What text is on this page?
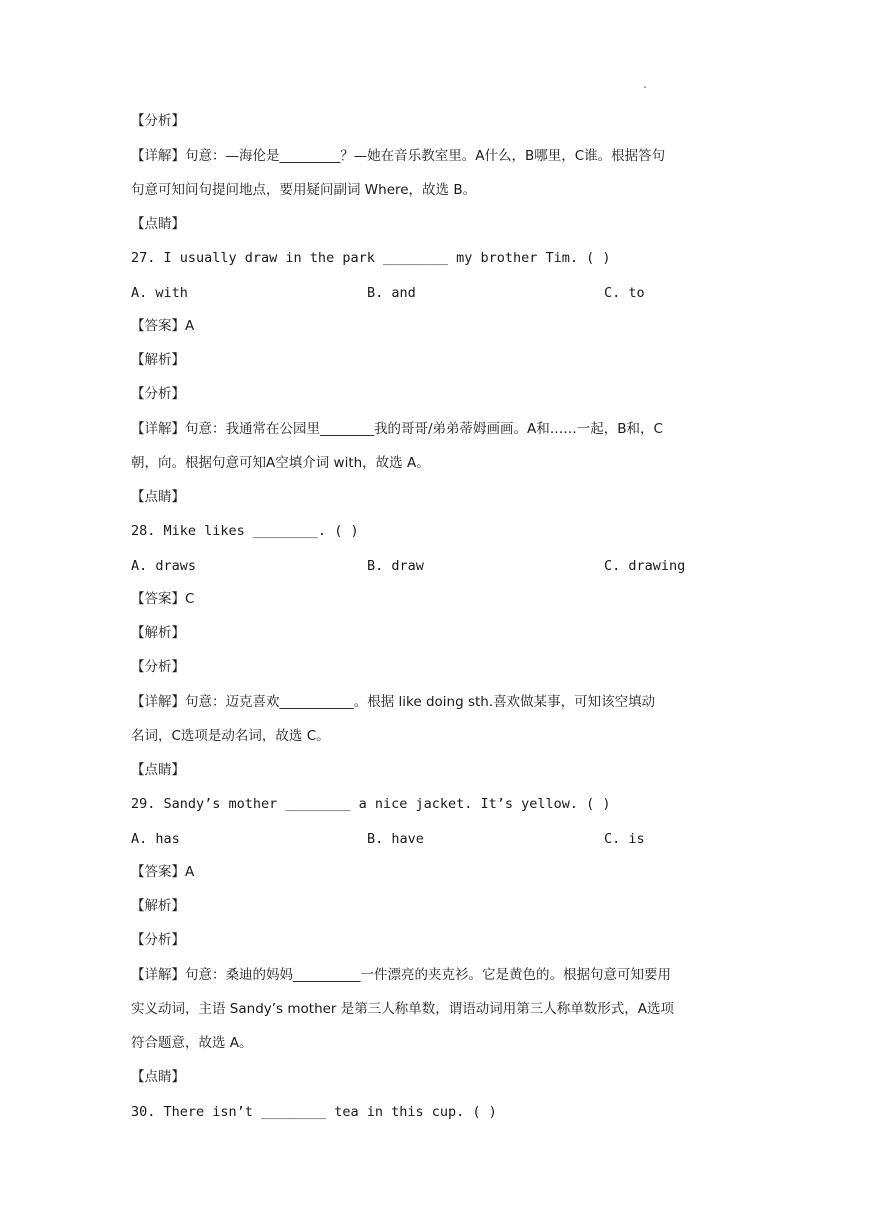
.
【分析】
【详解】句意：—海伦是_________？—她在音乐教室里。A什么，B哪里，C谁。根据答句
句意可知问句提问地点，要用疑问副词 Where，故选 B。
【点睛】
27. I usually draw in the park ________ my brother Tim. ( )
A. with	B. and	C. to
【答案】A
【解析】
【分析】
【详解】句意：我通常在公园里________我的哥哥/弟弟蒂姆画画。A和……一起，B和，C
朝，向。根据句意可知A空填介词 with，故选 A。
【点睛】
28. Mike likes ________. ( )
A. draws	B. draw	C. drawing
【答案】C
【解析】
【分析】
【详解】句意：迈克喜欢___________。根据 like doing sth.喜欢做某事，可知该空填动
名词，C选项是动名词，故选 C。
【点睛】
29. Sandy’s mother ________ a nice jacket. It’s yellow. ( )
A. has	B. have	C. is
【答案】A
【解析】
【分析】
【详解】句意：桑迪的妈妈__________一件漂亮的夹克衫。它是黄色的。根据句意可知要用
实义动词，主语 Sandy’s mother 是第三人称单数，谓语动词用第三人称单数形式，A选项
符合题意，故选 A。
【点睛】
30. There isn’t ________ tea in this cup. ( )
